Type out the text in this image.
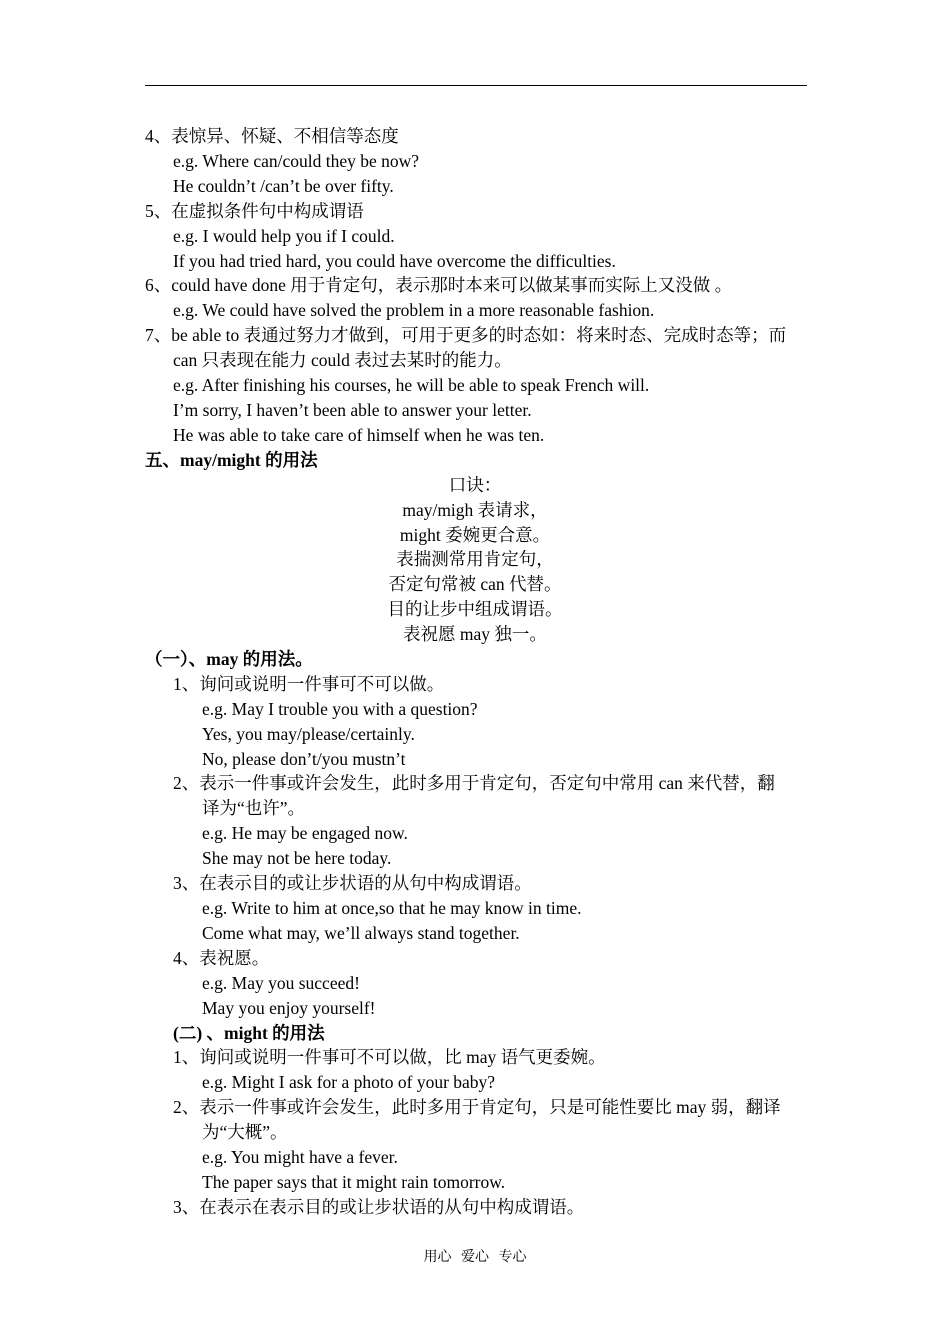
4、表惊异、怀疑、不相信等态度
e.g. Where can/could they be now?
He couldn’t /can’t be over fifty.
5、在虚拟条件句中构成谓语
e.g. I would help you if I could.
If you had tried hard, you could have overcome the difficulties.
6、could have done 用于肯定句，表示那时本来可以做某事而实际上又没做 。
e.g. We could have solved the problem in a more reasonable fashion.
7、be able to 表通过努力才做到，可用于更多的时态如：将来时态、完成时态等；而
can 只表现在能力 could 表过去某时的能力。
e.g. After finishing his courses, he will be able to speak French will.
I’m sorry, I haven’t been able to answer your letter.
He was able to take care of himself when he was ten.
五、may/might 的用法
口诀：
may/migh 表请求，
might 委婉更合意。
表揣测常用肯定句，
否定句常被 can 代替。
目的让步中组成谓语。
表祝愿 may 独一。
（一）、may 的用法。
1、询问或说明一件事可不可以做。
e.g. May I trouble you with a question?
Yes, you may/please/certainly.
No, please don’t/you mustn’t
2、表示一件事或许会发生，此时多用于肯定句，否定句中常用 can 来代替，翻
译为“也许”。
e.g. He may be engaged now.
She may not be here today.
3、在表示目的或让步状语的从句中构成谓语。
e.g. Write to him at once,so that he may know in time.
Come what may, we’ll always stand together.
4、表祝愿。
e.g. May you succeed!
May you enjoy yourself!
(二) 、might 的用法
1、询问或说明一件事可不可以做，比 may 语气更委婉。
e.g. Might I ask for a photo of your baby?
2、表示一件事或许会发生，此时多用于肯定句，只是可能性要比 may 弱，翻译
为“大概”。
e.g. You might have a fever.
The paper says that it might rain tomorrow.
3、在表示在表示目的或让步状语的从句中构成谓语。
用心 爱心 专心
